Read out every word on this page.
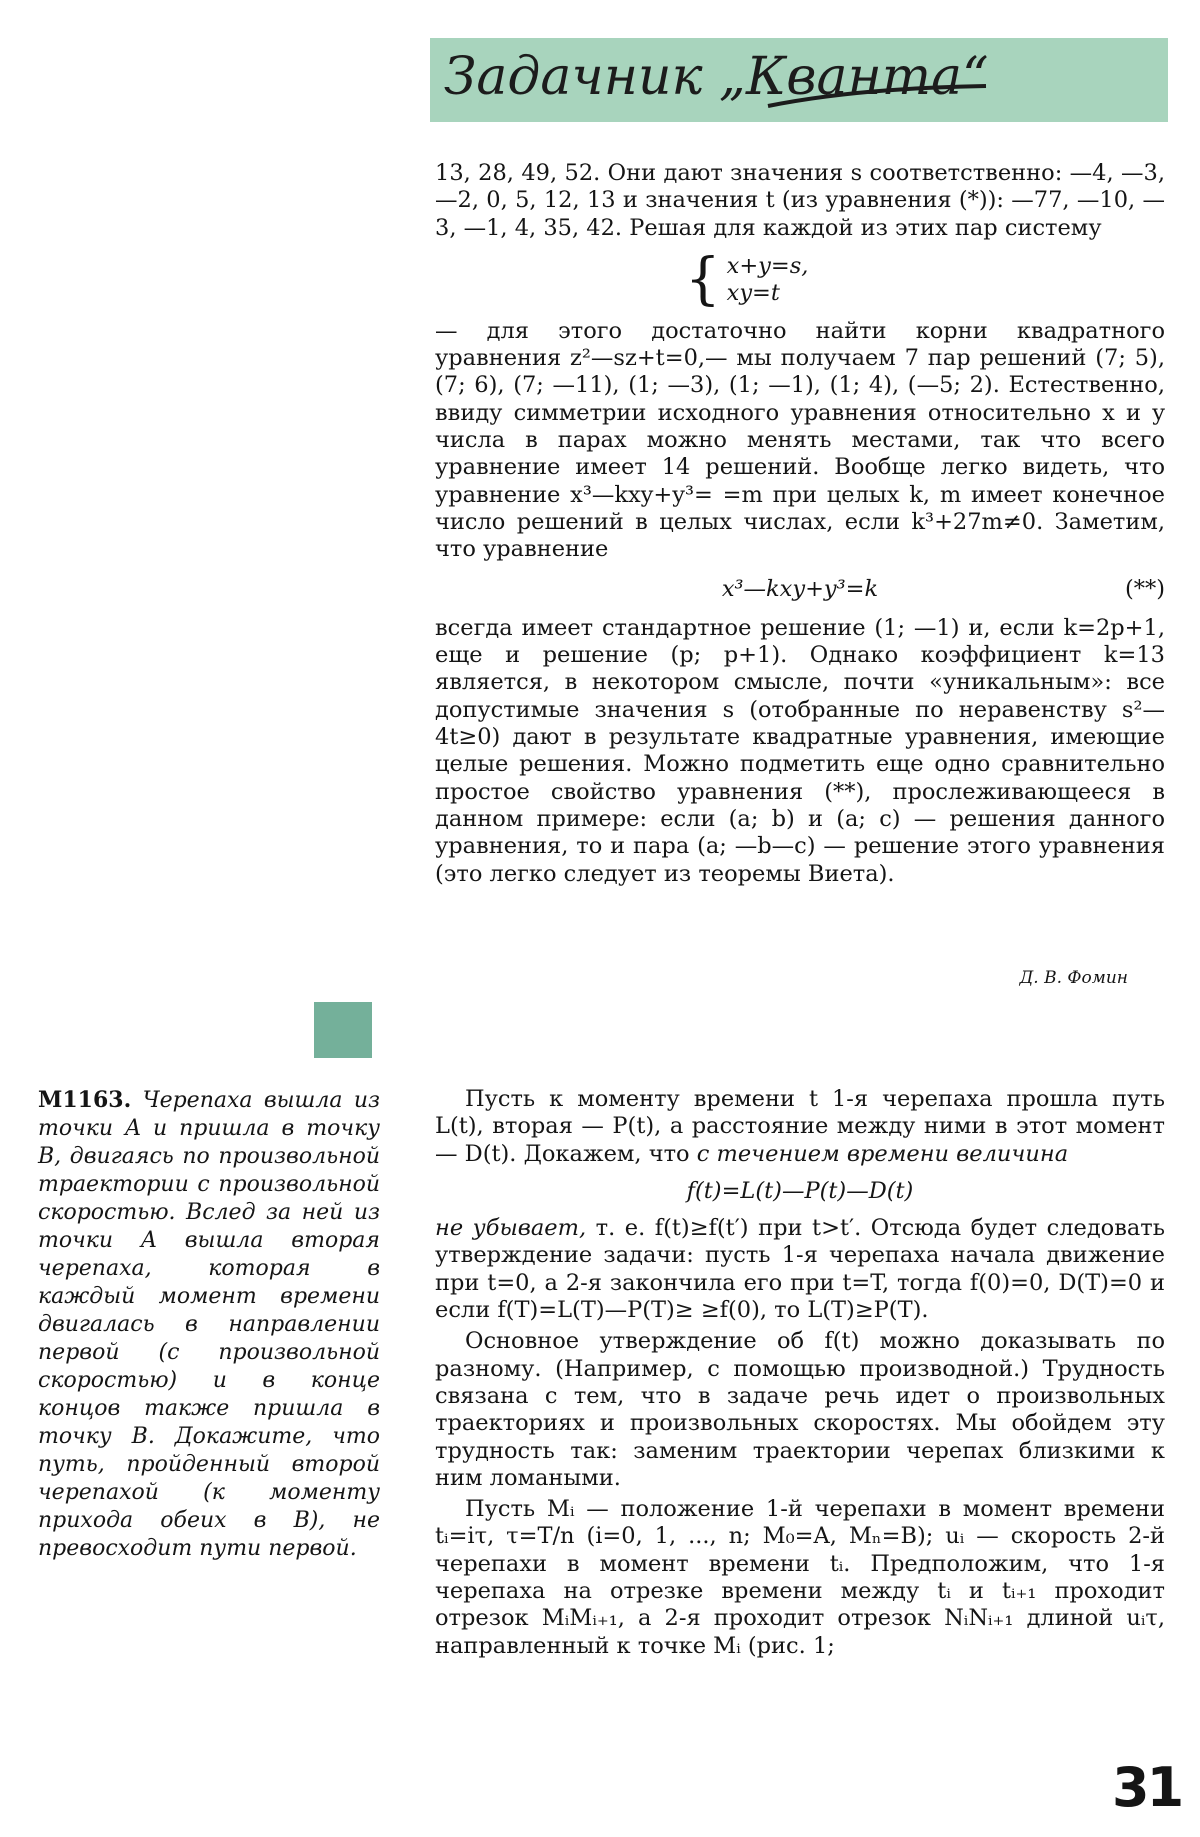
Задачник „Кванта“

13, 28, 49, 52. Они дают значения s соответственно: —4, —3, —2, 0, 5, 12, 13 и значения t (из уравнения (*)): —77, —10, —3, —1, 4, 35, 42. Решая для каждой из этих пар систему

{ x+y=s,
xy=t

— для этого достаточно найти корни квадратного уравнения z²—sz+t=0,— мы получаем 7 пар решений (7; 5), (7; 6), (7; —11), (1; —3), (1; —1), (1; 4), (—5; 2). Естественно, ввиду симметрии исходного уравнения относительно x и y числа в парах можно менять местами, так что всего уравнение имеет 14 решений. Вообще легко видеть, что уравнение x³—kxy+y³= =m при целых k, m имеет конечное число решений в целых числах, если k³+27m≠0. Заметим, что уравнение

x³—kxy+y³=k	(**)

всегда имеет стандартное решение (1; —1) и, если k=2p+1, еще и решение (p; p+1). Однако коэффициент k=13 является, в некотором смысле, почти «уникальным»: все допустимые значения s (отобранные по неравенству s²—4t≥0) дают в результате квадратные уравнения, имеющие целые решения. Можно подметить еще одно сравнительно простое свойство уравнения (**), прослеживающееся в данном примере: если (a; b) и (a; c) — решения данного уравнения, то и пара (a; —b—c) — решение этого уравнения (это легко следует из теоремы Виета).

Д. В. Фомин
М1163. Черепаха вышла из точки A и пришла в точку B, двигаясь по произвольной траектории с произвольной скоростью. Вслед за ней из точки A вышла вторая черепаха, которая в каждый момент времени двигалась в направлении первой (с произвольной скоростью) и в конце концов также пришла в точку B. Докажите, что путь, пройденный второй черепахой (к моменту прихода обеих в B), не превосходит пути первой.

Пусть к моменту времени t 1-я черепаха прошла путь L(t), вторая — P(t), а расстояние между ними в этот момент — D(t). Докажем, что с течением времени величина

f(t)=L(t)—P(t)—D(t)

не убывает, т. е. f(t)≥f(t′) при t>t′. Отсюда будет следовать утверждение задачи: пусть 1-я черепаха начала движение при t=0, а 2-я закончила его при t=T, тогда f(0)=0, D(T)=0 и если f(T)=L(T)—P(T)≥ ≥f(0), то L(T)≥P(T).

Основное утверждение об f(t) можно доказывать по разному. (Например, с помощью производной.) Трудность связана с тем, что в задаче речь идет о произвольных траекториях и произвольных скоростях. Мы обойдем эту трудность так: заменим траектории черепах близкими к ним ломаными.

Пусть Mᵢ — положение 1-й черепахи в момент времени tᵢ=iτ, τ=T/n (i=0, 1, ..., n; M₀=A, Mₙ=B); uᵢ — скорость 2-й черепахи в момент времени tᵢ. Предположим, что 1-я черепаха на отрезке времени между tᵢ и tᵢ₊₁ проходит отрезок MᵢMᵢ₊₁, а 2-я проходит отрезок NᵢNᵢ₊₁ длиной uᵢτ, направленный к точке Mᵢ (рис. 1;

31
